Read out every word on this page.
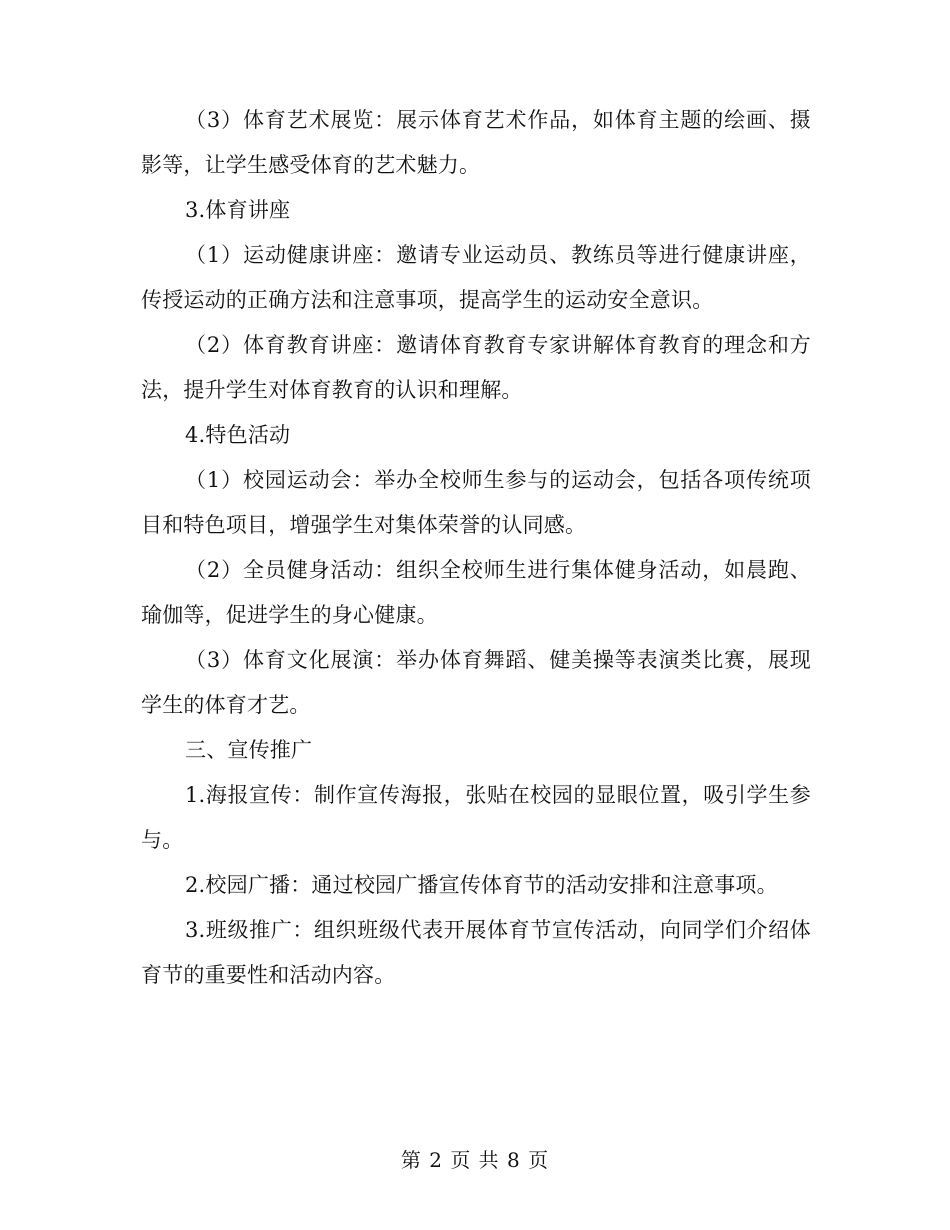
（3）体育艺术展览：展示体育艺术作品，如体育主题的绘画、摄影等，让学生感受体育的艺术魅力。

3.体育讲座

（1）运动健康讲座：邀请专业运动员、教练员等进行健康讲座，传授运动的正确方法和注意事项，提高学生的运动安全意识。

（2）体育教育讲座：邀请体育教育专家讲解体育教育的理念和方法，提升学生对体育教育的认识和理解。

4.特色活动

（1）校园运动会：举办全校师生参与的运动会，包括各项传统项目和特色项目，增强学生对集体荣誉的认同感。

（2）全员健身活动：组织全校师生进行集体健身活动，如晨跑、瑜伽等，促进学生的身心健康。

（3）体育文化展演：举办体育舞蹈、健美操等表演类比赛，展现学生的体育才艺。

三、宣传推广

1.海报宣传：制作宣传海报，张贴在校园的显眼位置，吸引学生参与。

2.校园广播：通过校园广播宣传体育节的活动安排和注意事项。

3.班级推广：组织班级代表开展体育节宣传活动，向同学们介绍体育节的重要性和活动内容。

第 2 页 共 8 页
